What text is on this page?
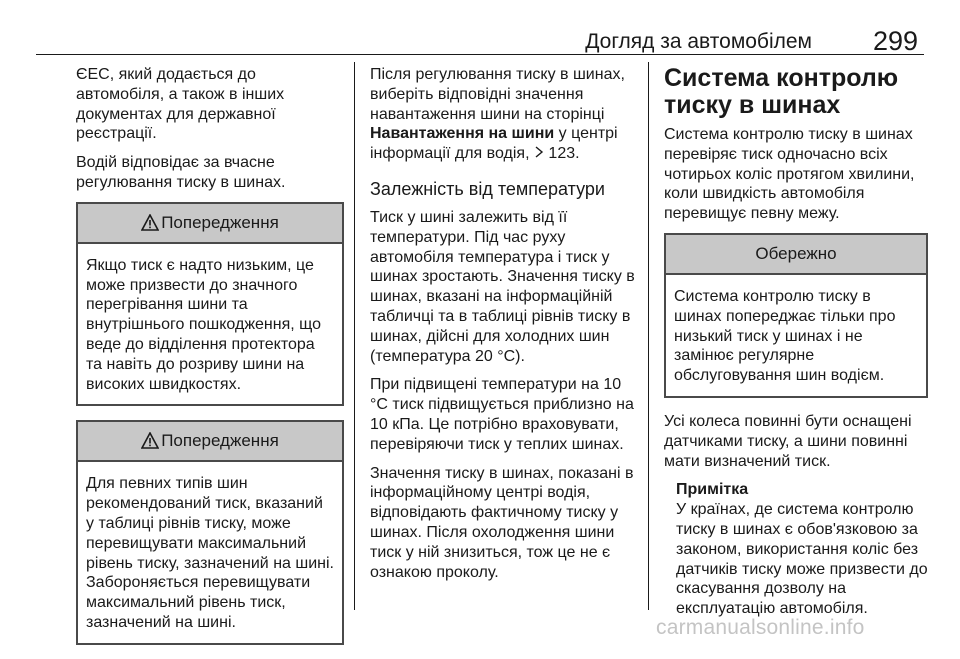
Догляд за автомобілем 299

ЄЕС, який додається до автомобіля, а також в інших документах для державної реєстрації.

Водій відповідає за вчасне регулювання тиску в шинах.

Попередження

Якщо тиск є надто низьким, це може призвести до значного перегрівання шини та внутрішнього пошкодження, що веде до відділення протектора та навіть до розриву шини на високих швидкостях.

Попередження

Для певних типів шин рекомендований тиск, вказаний у таблиці рівнів тиску, може перевищувати максимальний рівень тиску, зазначений на шині. Забороняється перевищувати максимальний рівень тиск, зазначений на шині.

Після регулювання тиску в шинах, виберіть відповідні значення навантаження шини на сторінці Навантаження на шини у центрі інформації для водія, 123.

Залежність від температури

Тиск у шині залежить від її температури. Під час руху автомобіля температура і тиск у шинах зростають. Значення тиску в шинах, вказані на інформаційній табличці та в таблиці рівнів тиску в шинах, дійсні для холодних шин (температура 20 °C).

При підвищені температури на 10 °C тиск підвищується приблизно на 10 кПа. Це потрібно враховувати, перевіряючи тиск у теплих шинах.

Значення тиску в шинах, показані в інформаційному центрі водія, відповідають фактичному тиску у шинах. Після охолодження шини тиск у ній знизиться, тож це не є ознакою проколу.

Система контролю тиску в шинах

Система контролю тиску в шинах перевіряє тиск одночасно всіх чотирьох коліс протягом хвилини, коли швидкість автомобіля перевищує певну межу.

Обережно

Система контролю тиску в шинах попереджає тільки про низький тиск у шинах і не замінює регулярне обслуговування шин водієм.

Усі колеса повинні бути оснащені датчиками тиску, а шини повинні мати визначений тиск.

Примітка
У країнах, де система контролю тиску в шинах є обов'язковою за законом, використання коліс без датчиків тиску може призвести до скасування дозволу на експлуатацію автомобіля.
carmanualsonline.info
